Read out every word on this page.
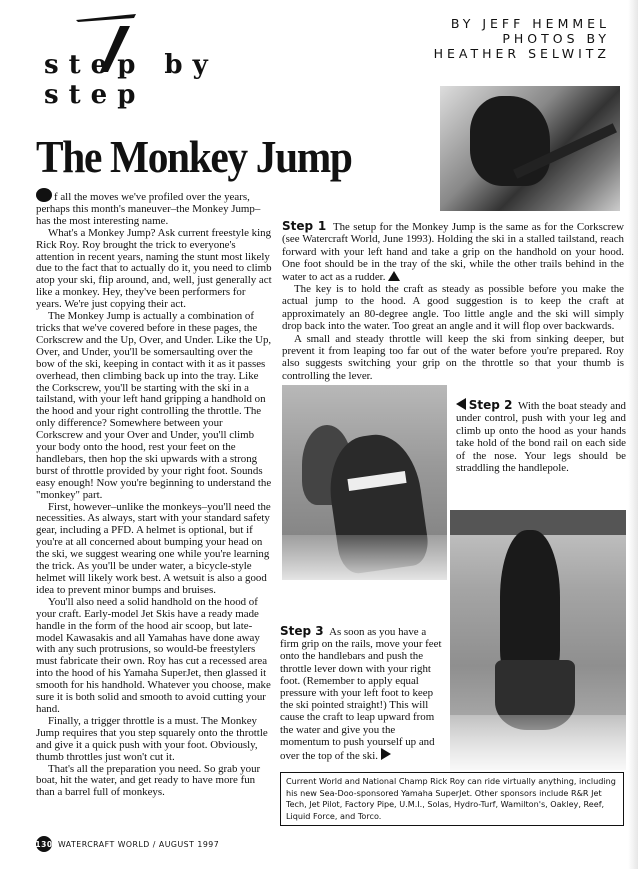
step by step
BY JEFF HEMMEL
PHOTOS BY
HEATHER SELWITZ
The Monkey Jump

f all the moves we've profiled over the years, perhaps this month's maneuver–the Monkey Jump– has the most interesting name.

What's a Monkey Jump? Ask current freestyle king Rick Roy. Roy brought the trick to everyone's attention in recent years, naming the stunt most likely due to the fact that to actually do it, you need to climb atop your ski, flip around, and, well, just generally act like a monkey. Hey, they've been performers for years. We're just copying their act.

The Monkey Jump is actually a combination of tricks that we've covered before in these pages, the Corkscrew and the Up, Over, and Under. Like the Up, Over, and Under, you'll be somersaulting over the bow of the ski, keeping in contact with it as it passes overhead, then climbing back up into the tray. Like the Corkscrew, you'll be starting with the ski in a tailstand, with your left hand gripping a handhold on the hood and your right controlling the throttle. The only difference? Somewhere between your Corkscrew and your Over and Under, you'll climb your body onto the hood, rest your feet on the handlebars, then hop the ski upwards with a strong burst of throttle provided by your right foot. Sounds easy enough! Now you're beginning to understand the "monkey" part.

First, however–unlike the monkeys–you'll need the necessities. As always, start with your standard safety gear, including a PFD. A helmet is optional, but if you're at all concerned about bumping your head on the ski, we suggest wearing one while you're learning the trick. As you'll be under water, a bicycle-style helmet will likely work best. A wetsuit is also a good idea to prevent minor bumps and bruises.

You'll also need a solid handhold on the hood of your craft. Early-model Jet Skis have a ready made handle in the form of the hood air scoop, but late-model Kawasakis and all Yamahas have done away with any such protrusions, so would-be freestylers must fabricate their own. Roy has cut a recessed area into the hood of his Yamaha SuperJet, then glassed it smooth for his handhold. Whatever you choose, make sure it is both solid and smooth to avoid cutting your hand.

Finally, a trigger throttle is a must. The Monkey Jump requires that you step squarely onto the throttle and give it a quick push with your foot. Obviously, thumb throttles just won't cut it.

That's all the preparation you need. So grab your boat, hit the water, and get ready to have more fun than a barrel full of monkeys.

Step 1 The setup for the Monkey Jump is the same as for the Corkscrew (see Watercraft World, June 1993). Holding the ski in a stalled tailstand, reach forward with your left hand and take a grip on the handhold on your hood. One foot should be in the tray of the ski, while the other trails behind in the water to act as a rudder.

The key is to hold the craft as steady as possible before you make the actual jump to the hood. A good suggestion is to keep the craft at approximately an 80-degree angle. Too little angle and the ski will simply drop back into the water. Too great an angle and it will flop over backwards.

A small and steady throttle will keep the ski from sinking deeper, but prevent it from leaping too far out of the water before you're prepared. Roy also suggests switching your grip on the throttle so that your thumb is controlling the lever.

Step 2 With the boat steady and under control, push with your leg and climb up onto the hood as your hands take hold of the bond rail on each side of the nose. Your legs should be straddling the handlepole.
Step 3 As soon as you have a firm grip on the rails, move your feet onto the handlebars and push the throttle lever down with your right foot. (Remember to apply equal pressure with your left foot to keep the ski pointed straight!) This will cause the craft to leap upward from the water and give you the momentum to push yourself up and over the top of the ski.
Current World and National Champ Rick Roy can ride virtually anything, including his new Sea-Doo-sponsored Yamaha SuperJet. Other sponsors include R&R Jet Tech, Jet Pilot, Factory Pipe, U.M.I., Solas, Hydro-Turf, Wamilton's, Oakley, Reef, Liquid Force, and Torco.
130 WATERCRAFT WORLD / AUGUST 1997
